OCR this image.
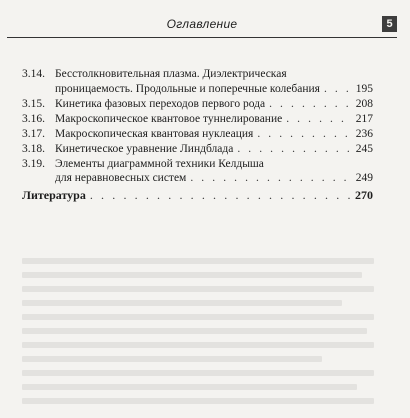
Оглавление	5
3.14. Бесстолкновительная плазма. Диэлектрическая
проницаемость. Продольные и поперечные колебания . . .	195
3.15. Кинетика фазовых переходов первого рода . . .	208
3.16. Макроскопическое квантовое туннелирование . . .	217
3.17. Макроскопическая квантовая нуклеация . . .	236
3.18. Кинетическое уравнение Линдблада . . .	245
3.19. Элементы диаграммной техники Келдыша
для неравновесных систем . . .	249
Литература . . .	270
